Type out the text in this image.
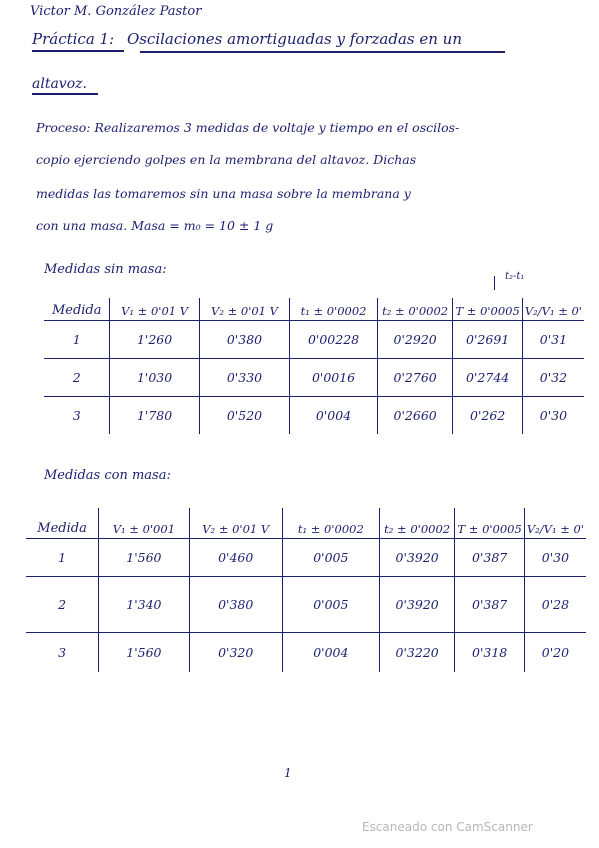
Victor M. González Pastor
Práctica 1: Oscilaciones amortiguadas y forzadas en un
altavoz.
Proceso: Realizaremos 3 medidas de voltaje y tiempo en el oscilos-
copio ejerciendo golpes en la membrana del altavoz. Dichas
medidas las tomaremos sin una masa sobre la membrana y
con una masa. Masa = m₀ = 10 ± 1 g
Medidas sin masa:	t₂-t₁
Medida	V₁ ± 0'01 V	V₂ ± 0'01 V	t₁ ± 0'0002	t₂ ± 0'0002	T ± 0'0005	V₂/V₁ ± 0'
1	1'260	0'380	0'00228	0'2920	0'2691	0'31
2	1'030	0'330	0'0016	0'2760	0'2744	0'32
3	1'780	0'520	0'004	0'2660	0'262	0'30
Medidas con masa:
Medida	V₁ ± 0'001	V₂ ± 0'01 V	t₁ ± 0'0002	t₂ ± 0'0002	T ± 0'0005	V₂/V₁ ± 0'
1	1'560	0'460	0'005	0'3920	0'387	0'30
2	1'340	0'380	0'005	0'3920	0'387	0'28
3	1'560	0'320	0'004	0'3220	0'318	0'20
1
Escaneado con CamScanner
